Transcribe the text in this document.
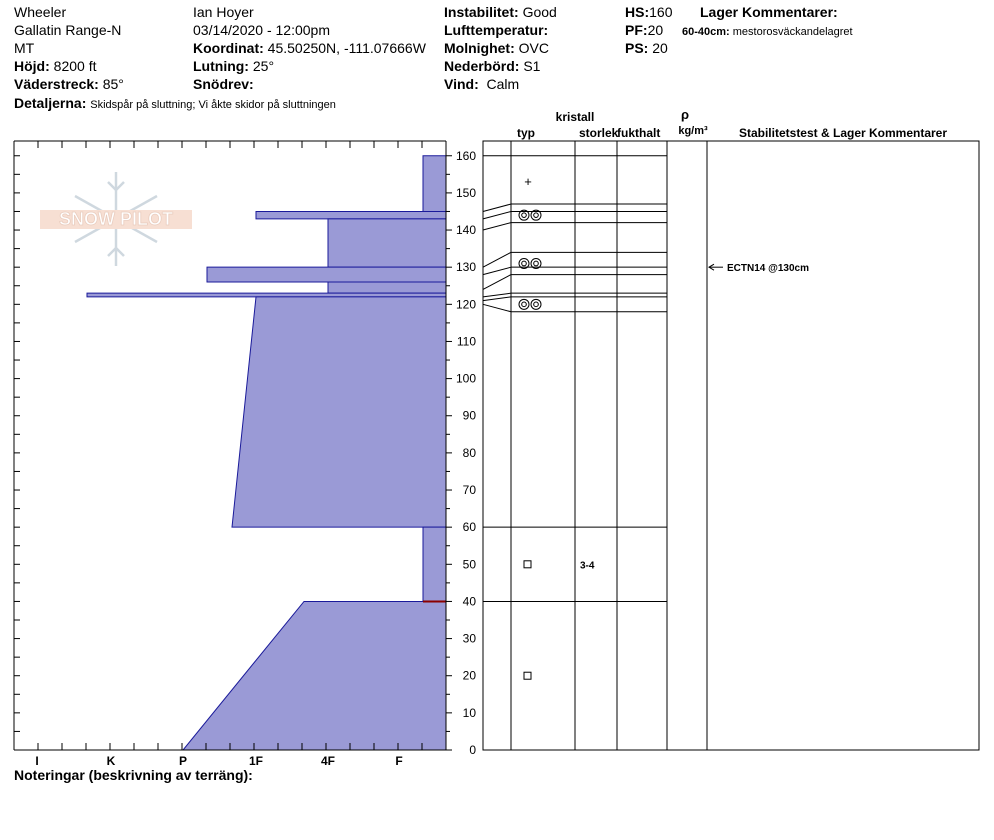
Wheeler
Gallatin Range-N
MT
Höjd: 8200 ft
Väderstreck: 85°
Detaljerna: Skidspår på sluttning; Vi åkte skidor på sluttningen
Ian Hoyer
03/14/2020 - 12:00pm
Koordinat: 45.50250N, -111.07666W
Lutning: 25°
Snödrev:
Instabilitet: Good
Lufttemperatur:
Molnighet: OVC
Nederbörd: S1
Vind: Calm
HS:160
PF:20
PS: 20
Lager Kommentarer:
60-40cm: mestorosväckandelagret
SNOW PILOT
I	K	P	1F	4F	F
0
10
20
30
40
50
60
70
80
90
100
110
120
130
140
150
160
+
3-4
ECTN14 @130cm
kristall
typ	storlek
fukthalt
ρ
kg/m³	Stabilitetstest & Lager Kommentarer
Noteringar (beskrivning av terräng):
